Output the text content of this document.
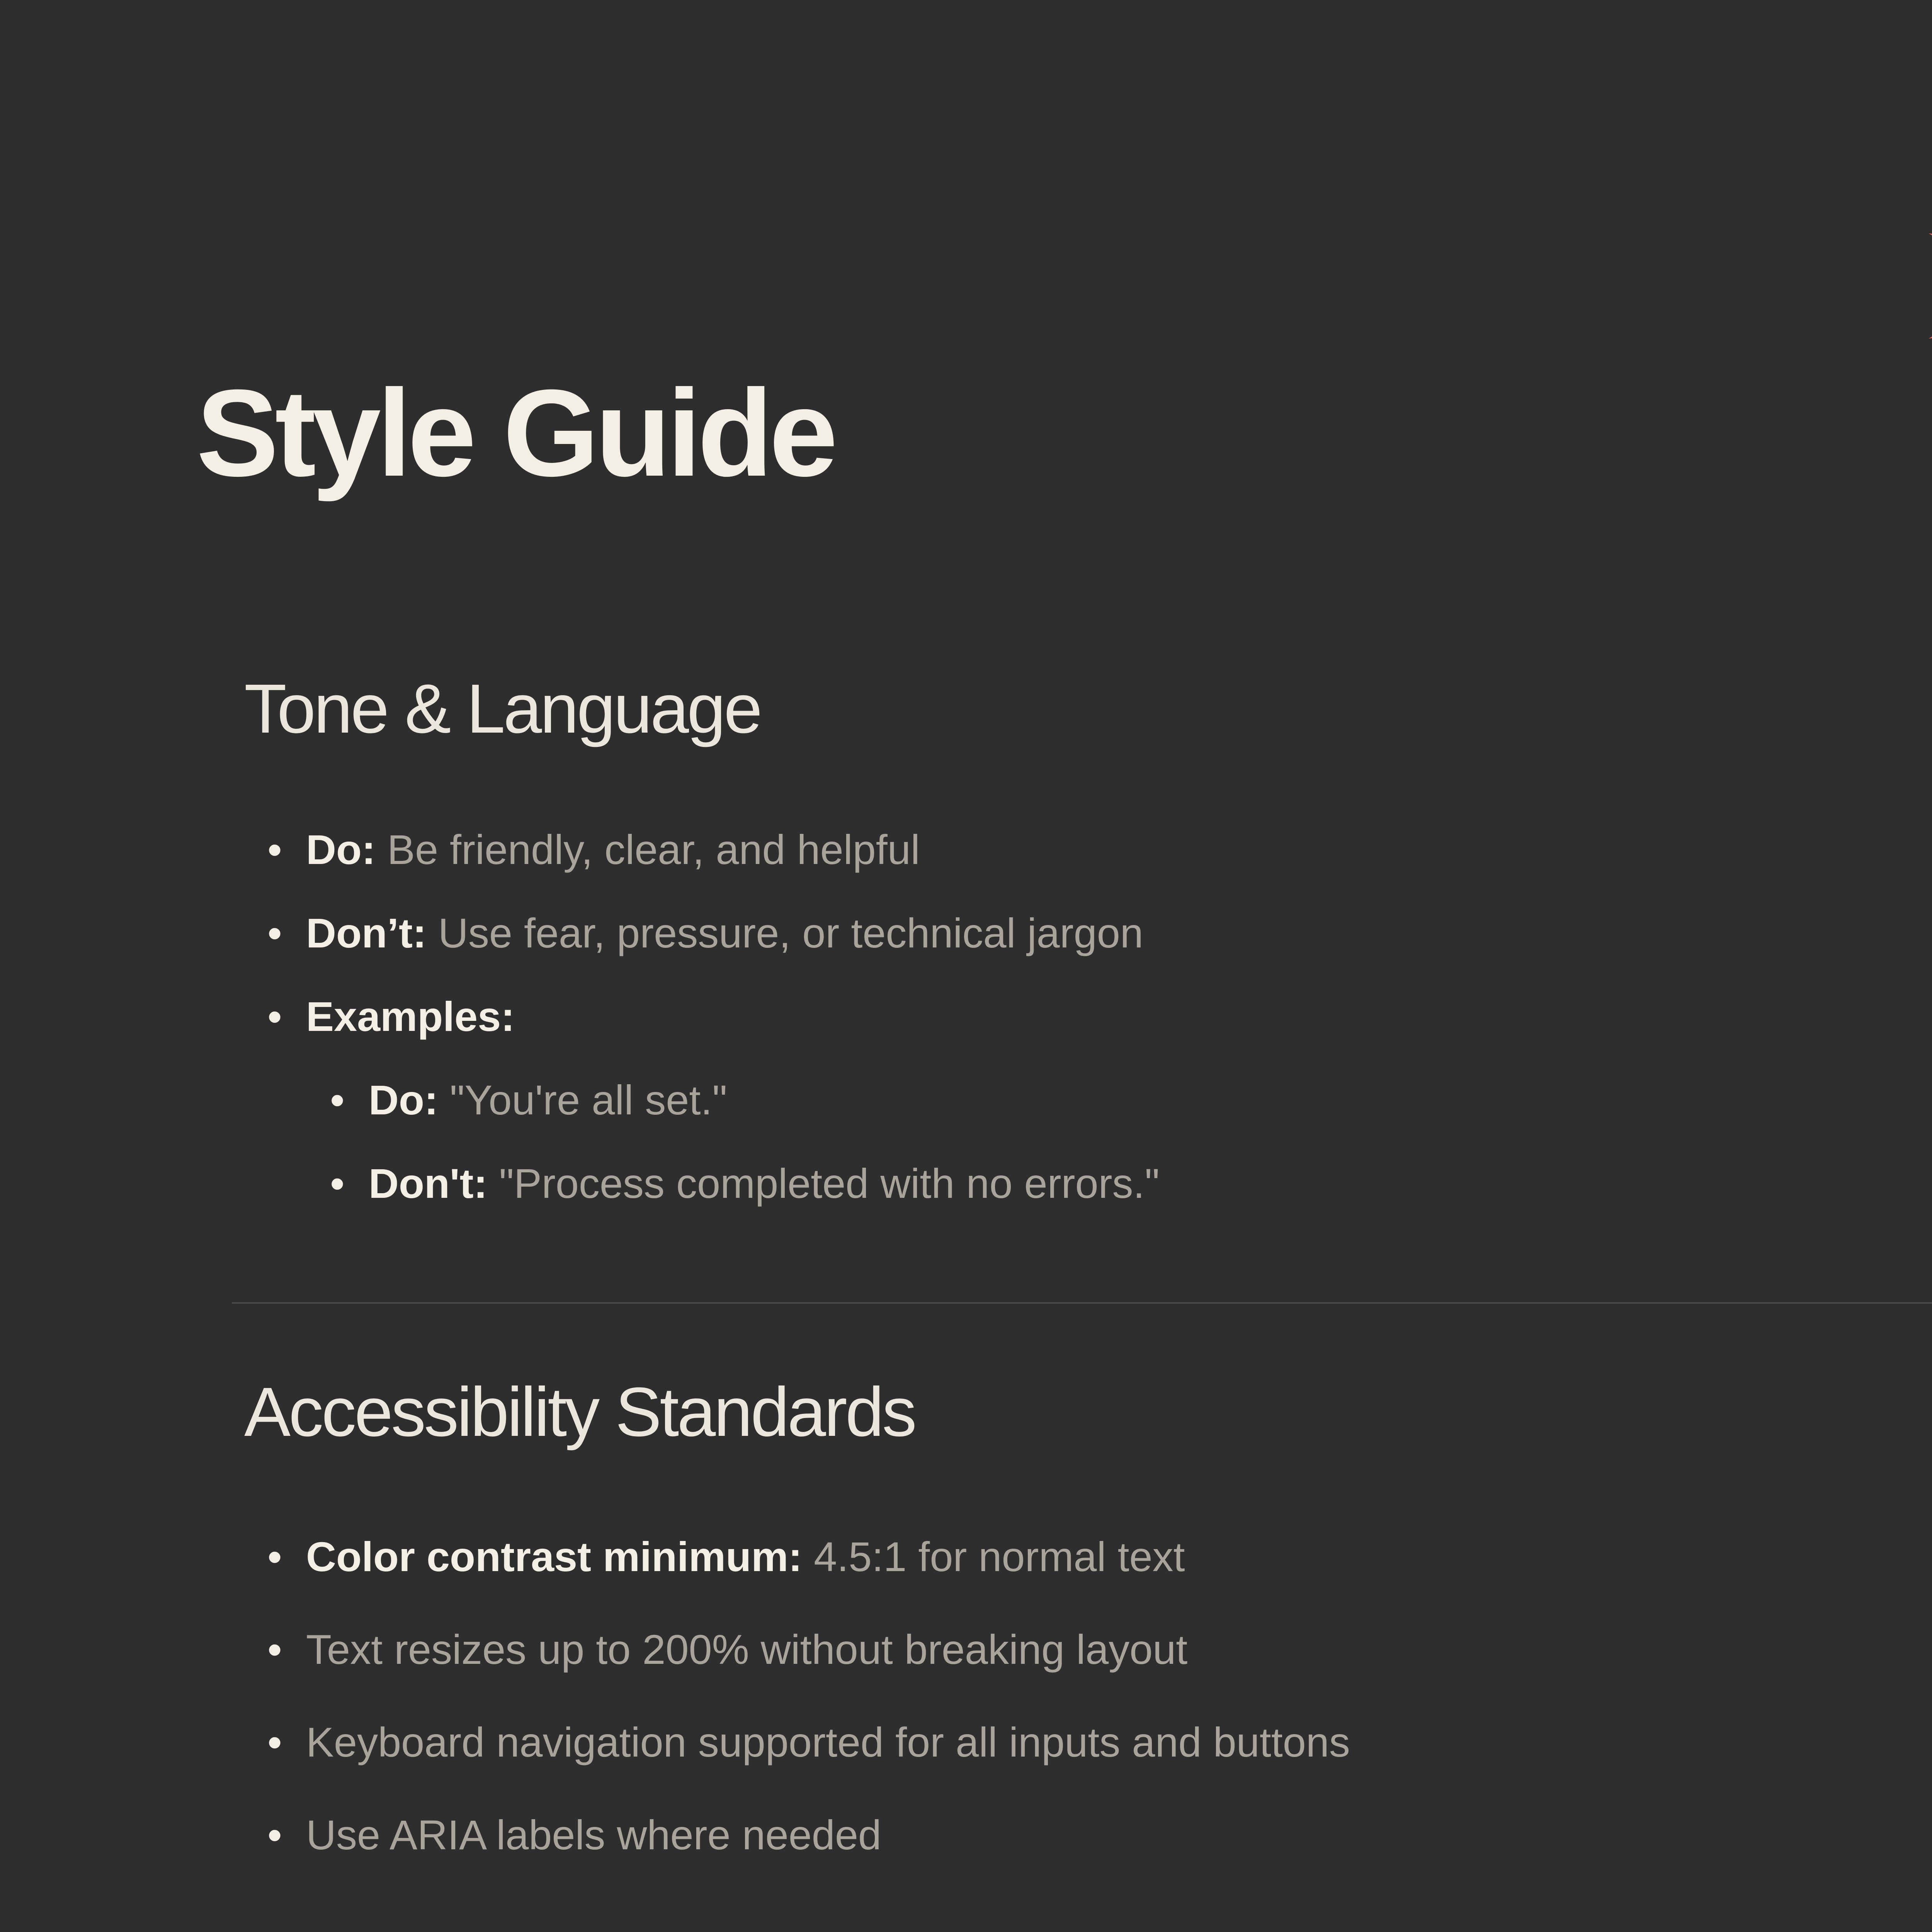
Style Guide
Tone & Language
• Do: Be friendly, clear, and helpful
• Don’t: Use fear, pressure, or technical jargon
• Examples:
• Do: "You're all set."
• Don't: "Process completed with no errors."
Accessibility Standards
• Color contrast minimum: 4.5:1 for normal text
• Text resizes up to 200% without breaking layout
• Keyboard navigation supported for all inputs and buttons
• Use ARIA labels where needed
